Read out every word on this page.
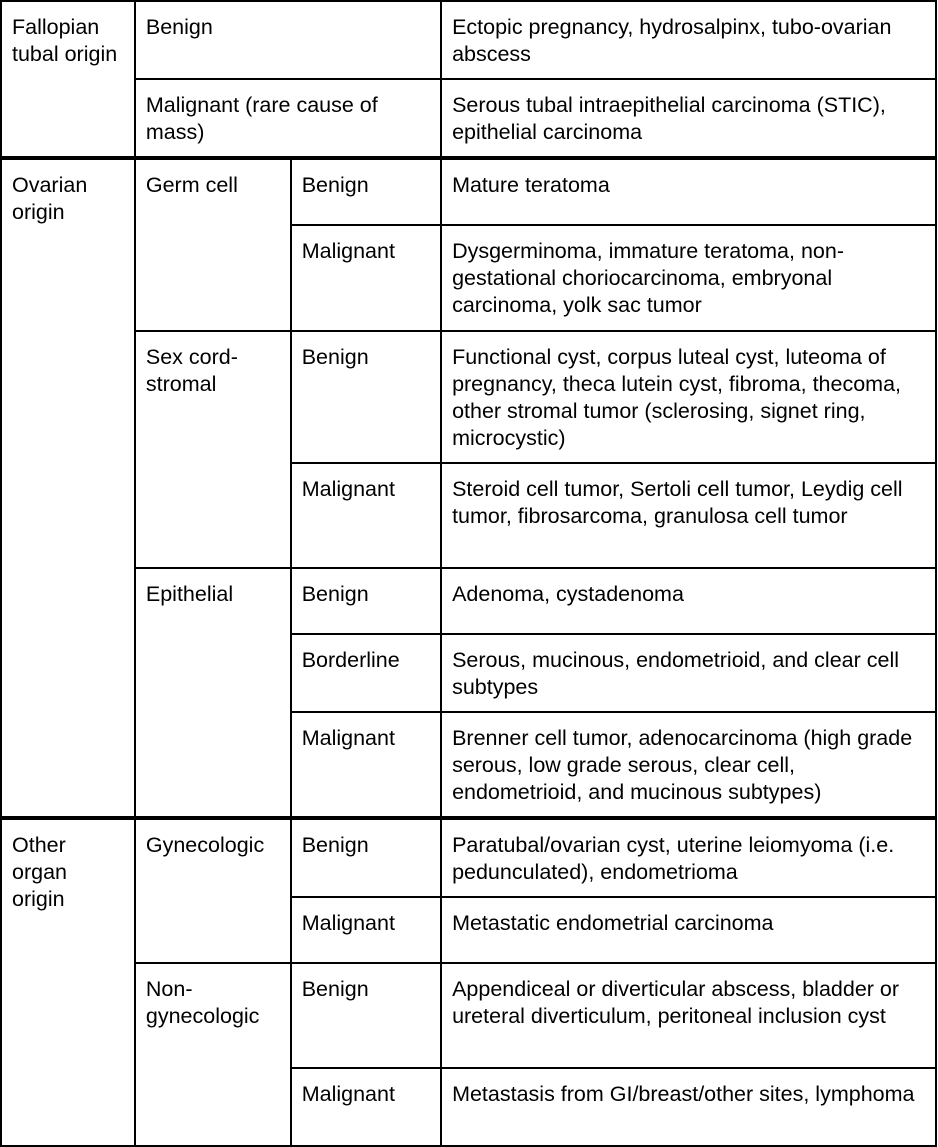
Fallopian tubal origin	Benign		Ectopic pregnancy, hydrosalpinx, tubo-ovarian abscess
	Malignant (rare cause of mass)		Serous tubal intraepithelial carcinoma (STIC), epithelial carcinoma
Ovarian origin	Germ cell	Benign	Mature teratoma
		Malignant	Dysgerminoma, immature teratoma, non-gestational choriocarcinoma, embryonal carcinoma, yolk sac tumor
	Sex cord-stromal	Benign	Functional cyst, corpus luteal cyst, luteoma of pregnancy, theca lutein cyst, fibroma, thecoma, other stromal tumor (sclerosing, signet ring, microcystic)
		Malignant	Steroid cell tumor, Sertoli cell tumor, Leydig cell tumor, fibrosarcoma, granulosa cell tumor
	Epithelial	Benign	Adenoma, cystadenoma
		Borderline	Serous, mucinous, endometrioid, and clear cell subtypes
		Malignant	Brenner cell tumor, adenocarcinoma (high grade serous, low grade serous, clear cell, endometrioid, and mucinous subtypes)
Other organ origin	Gynecologic	Benign	Paratubal/ovarian cyst, uterine leiomyoma (i.e. pedunculated), endometrioma
		Malignant	Metastatic endometrial carcinoma
	Non-gynecologic	Benign	Appendiceal or diverticular abscess, bladder or ureteral diverticulum, peritoneal inclusion cyst
		Malignant	Metastasis from GI/breast/other sites, lymphoma
